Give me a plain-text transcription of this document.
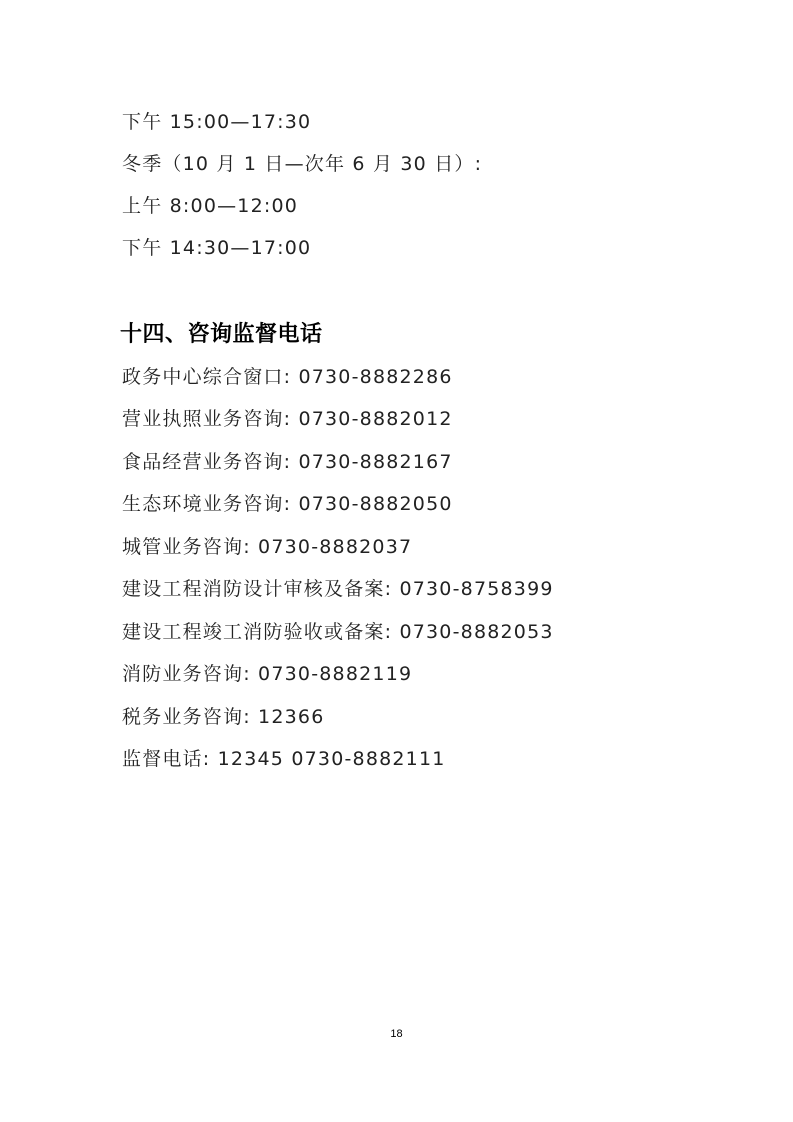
下午 15:00—17:30
冬季（10 月 1 日—次年 6 月 30 日）:
上午 8:00—12:00
下午 14:30—17:00
十四、咨询监督电话
政务中心综合窗口: 0730-8882286
营业执照业务咨询: 0730-8882012
食品经营业务咨询: 0730-8882167
生态环境业务咨询: 0730-8882050
城管业务咨询: 0730-8882037
建设工程消防设计审核及备案: 0730-8758399
建设工程竣工消防验收或备案: 0730-8882053
消防业务咨询: 0730-8882119
税务业务咨询: 12366
监督电话: 12345 0730-8882111
18
